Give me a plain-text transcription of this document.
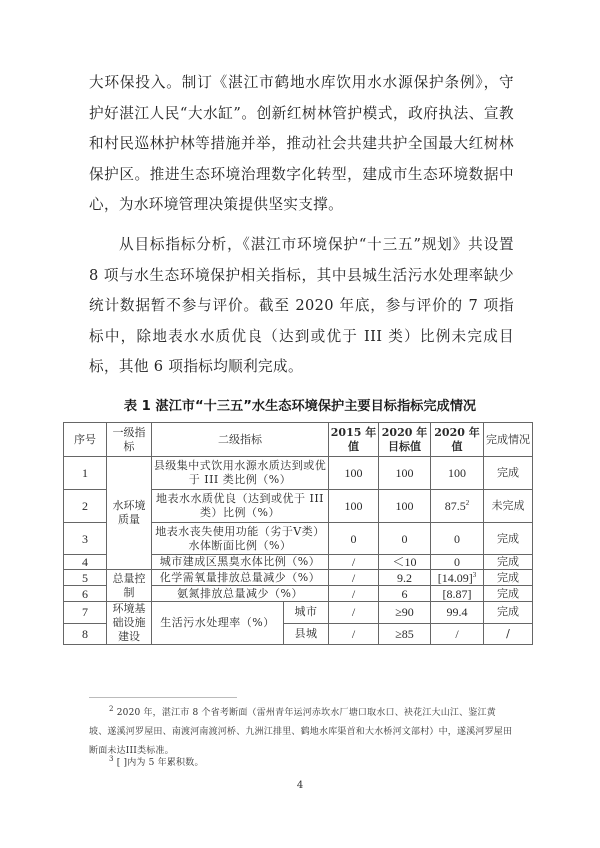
大环保投入。制订《湛江市鹤地水库饮用水水源保护条例》，守护好湛江人民“大水缸”。创新红树林管护模式，政府执法、宣教和村民巡林护林等措施并举，推动社会共建共护全国最大红树林保护区。推进生态环境治理数字化转型，建成市生态环境数据中心，为水环境管理决策提供坚实支撑。

从目标指标分析，《湛江市环境保护“十三五”规划》共设置 8 项与水生态环境保护相关指标，其中县城生活污水处理率缺少统计数据暂不参与评价。截至 2020 年底，参与评价的 7 项指标中，除地表水水质优良（达到或优于 III 类）比例未完成目标，其他 6 项指标均顺利完成。

表 1 湛江市“十三五”水生态环境保护主要目标指标完成情况
序号	一级指标	二级指标		2015 年值	2020 年目标值	2020 年值	完成情况
1	水环境质量	县级集中式饮用水源水质达到或优于 III 类比例（%）		100	100	100	完成
2		地表水水质优良（达到或优于 III 类）比例（%）		100	100	87.5$^2$	未完成
3		地表水丧失使用功能（劣于V类）水体断面比例（%）		0	0	0	完成
4		城市建成区黑臭水体比例（%）		/	＜10	0	完成
5	总量控制	化学需氧量排放总量减少（%）		/	9.2	$[14.09]^3$	完成
6		氨氮排放总量减少（%）		/	6	[8.87]	完成
7	环境基础设施建设	生活污水处理率（%）	城市	/	≥90	99.4	完成
8			县城	/	≥85	/	/

$^2$ 2020 年，湛江市 8 个省考断面（雷州青年运河赤坎水厂塘口取水口、袂花江大山江、鉴江黄坡、遂溪河罗屋田、南渡河南渡河桥、九洲江排里、鹤地水库渠首和大水桥河文部村）中，遂溪河罗屋田断面未达III类标准。

$^3$ [ ]内为 5 年累积数。

4
